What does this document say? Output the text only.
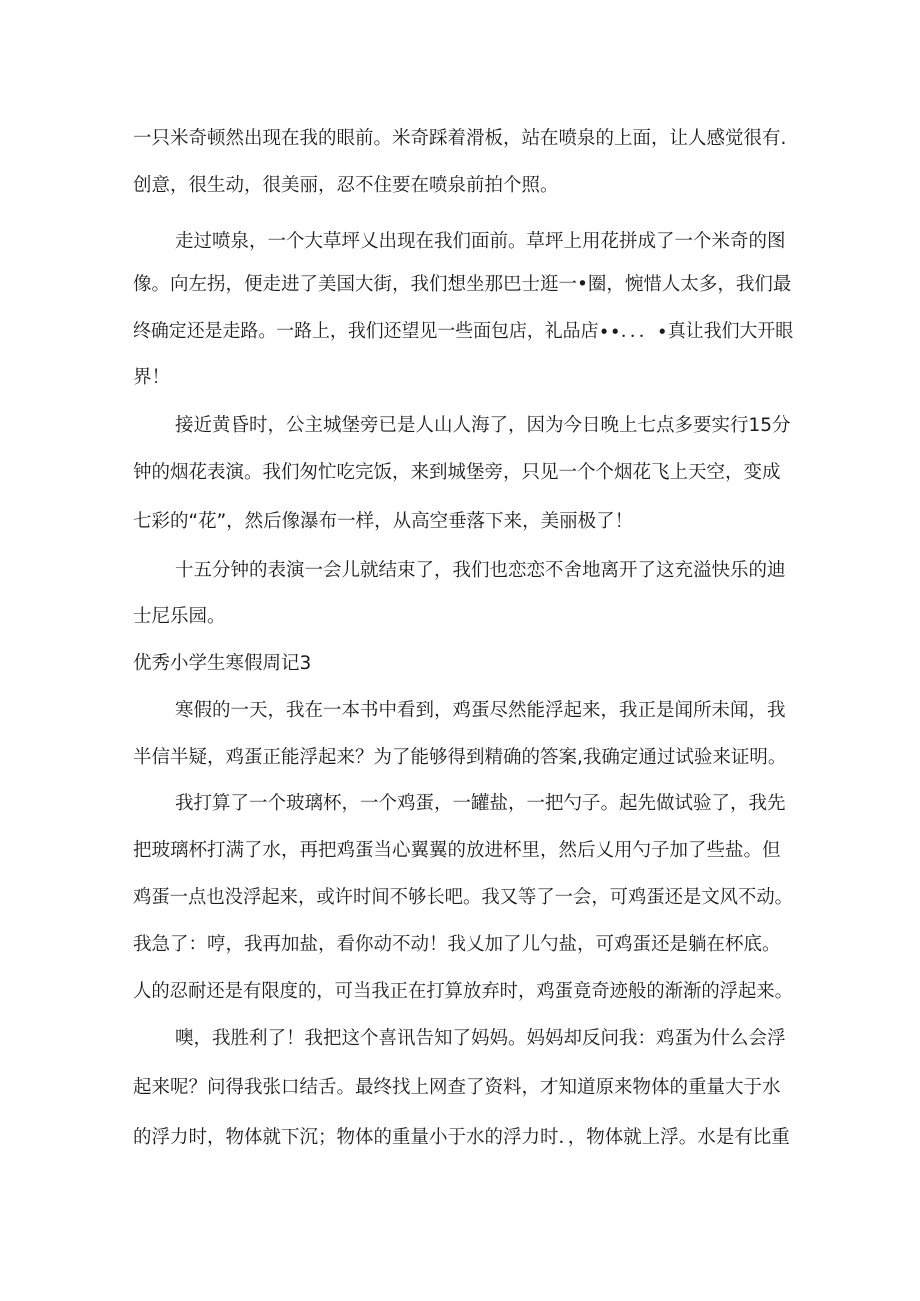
一只米奇顿然出现在我的眼前。米奇踩着滑板，站在喷泉的上面，让人感觉很有.
创意，很生动，很美丽，忍不住要在喷泉前拍个照。
走过喷泉，一个大草坪乂出现在我们面前。草坪上用花拼成了一个米奇的图
像。向左拐，便走进了美国大街，我们想坐那巴士逛一•圈，惋惜人太多，我们最
终确定还是走路。一路上，我们还望见一些面包店，礼品店∙∙．．．∙真让我们大开眼
界！
接近黄昏时，公主城堡旁已是人山人海了，因为今日晚上七点多要实行15分
钟的烟花表演。我们匆忙吃完饭，来到城堡旁，只见一个个烟花飞上天空，变成
七彩的“花”，然后像瀑布一样，从高空垂落下来，美丽极了！
十五分钟的表演一会儿就结束了，我们也恋恋不舍地离开了这充溢快乐的迪
士尼乐园。
优秀小学生寒假周记3
寒假的一天，我在一本书中看到，鸡蛋尽然能浮起来，我正是闻所未闻，我
半信半疑，鸡蛋正能浮起来？为了能够得到精确的答案,我确定通过试验来证明。
我打算了一个玻璃杯，一个鸡蛋，一罐盐，一把勺子。起先做试验了，我先
把玻璃杯打满了水，再把鸡蛋当心翼翼的放进杯里，然后乂用勺子加了些盐。但
鸡蛋一点也没浮起来，或许时间不够长吧。我又等了一会，可鸡蛋还是文风不动。
我急了：哼，我再加盐，看你动不动！我乂加了儿勺盐，可鸡蛋还是躺在杯底。
人的忍耐还是有限度的，可当我正在打算放弃时，鸡蛋竟奇迹般的渐渐的浮起来。
噢，我胜利了！我把这个喜讯告知了妈妈。妈妈却反问我：鸡蛋为什么会浮
起来呢？问得我张口结舌。最终找上网查了资料，才知道原来物体的重量大于水
的浮力时，物体就下沉；物体的重量小于水的浮力时．，物体就上浮。水是有比重
